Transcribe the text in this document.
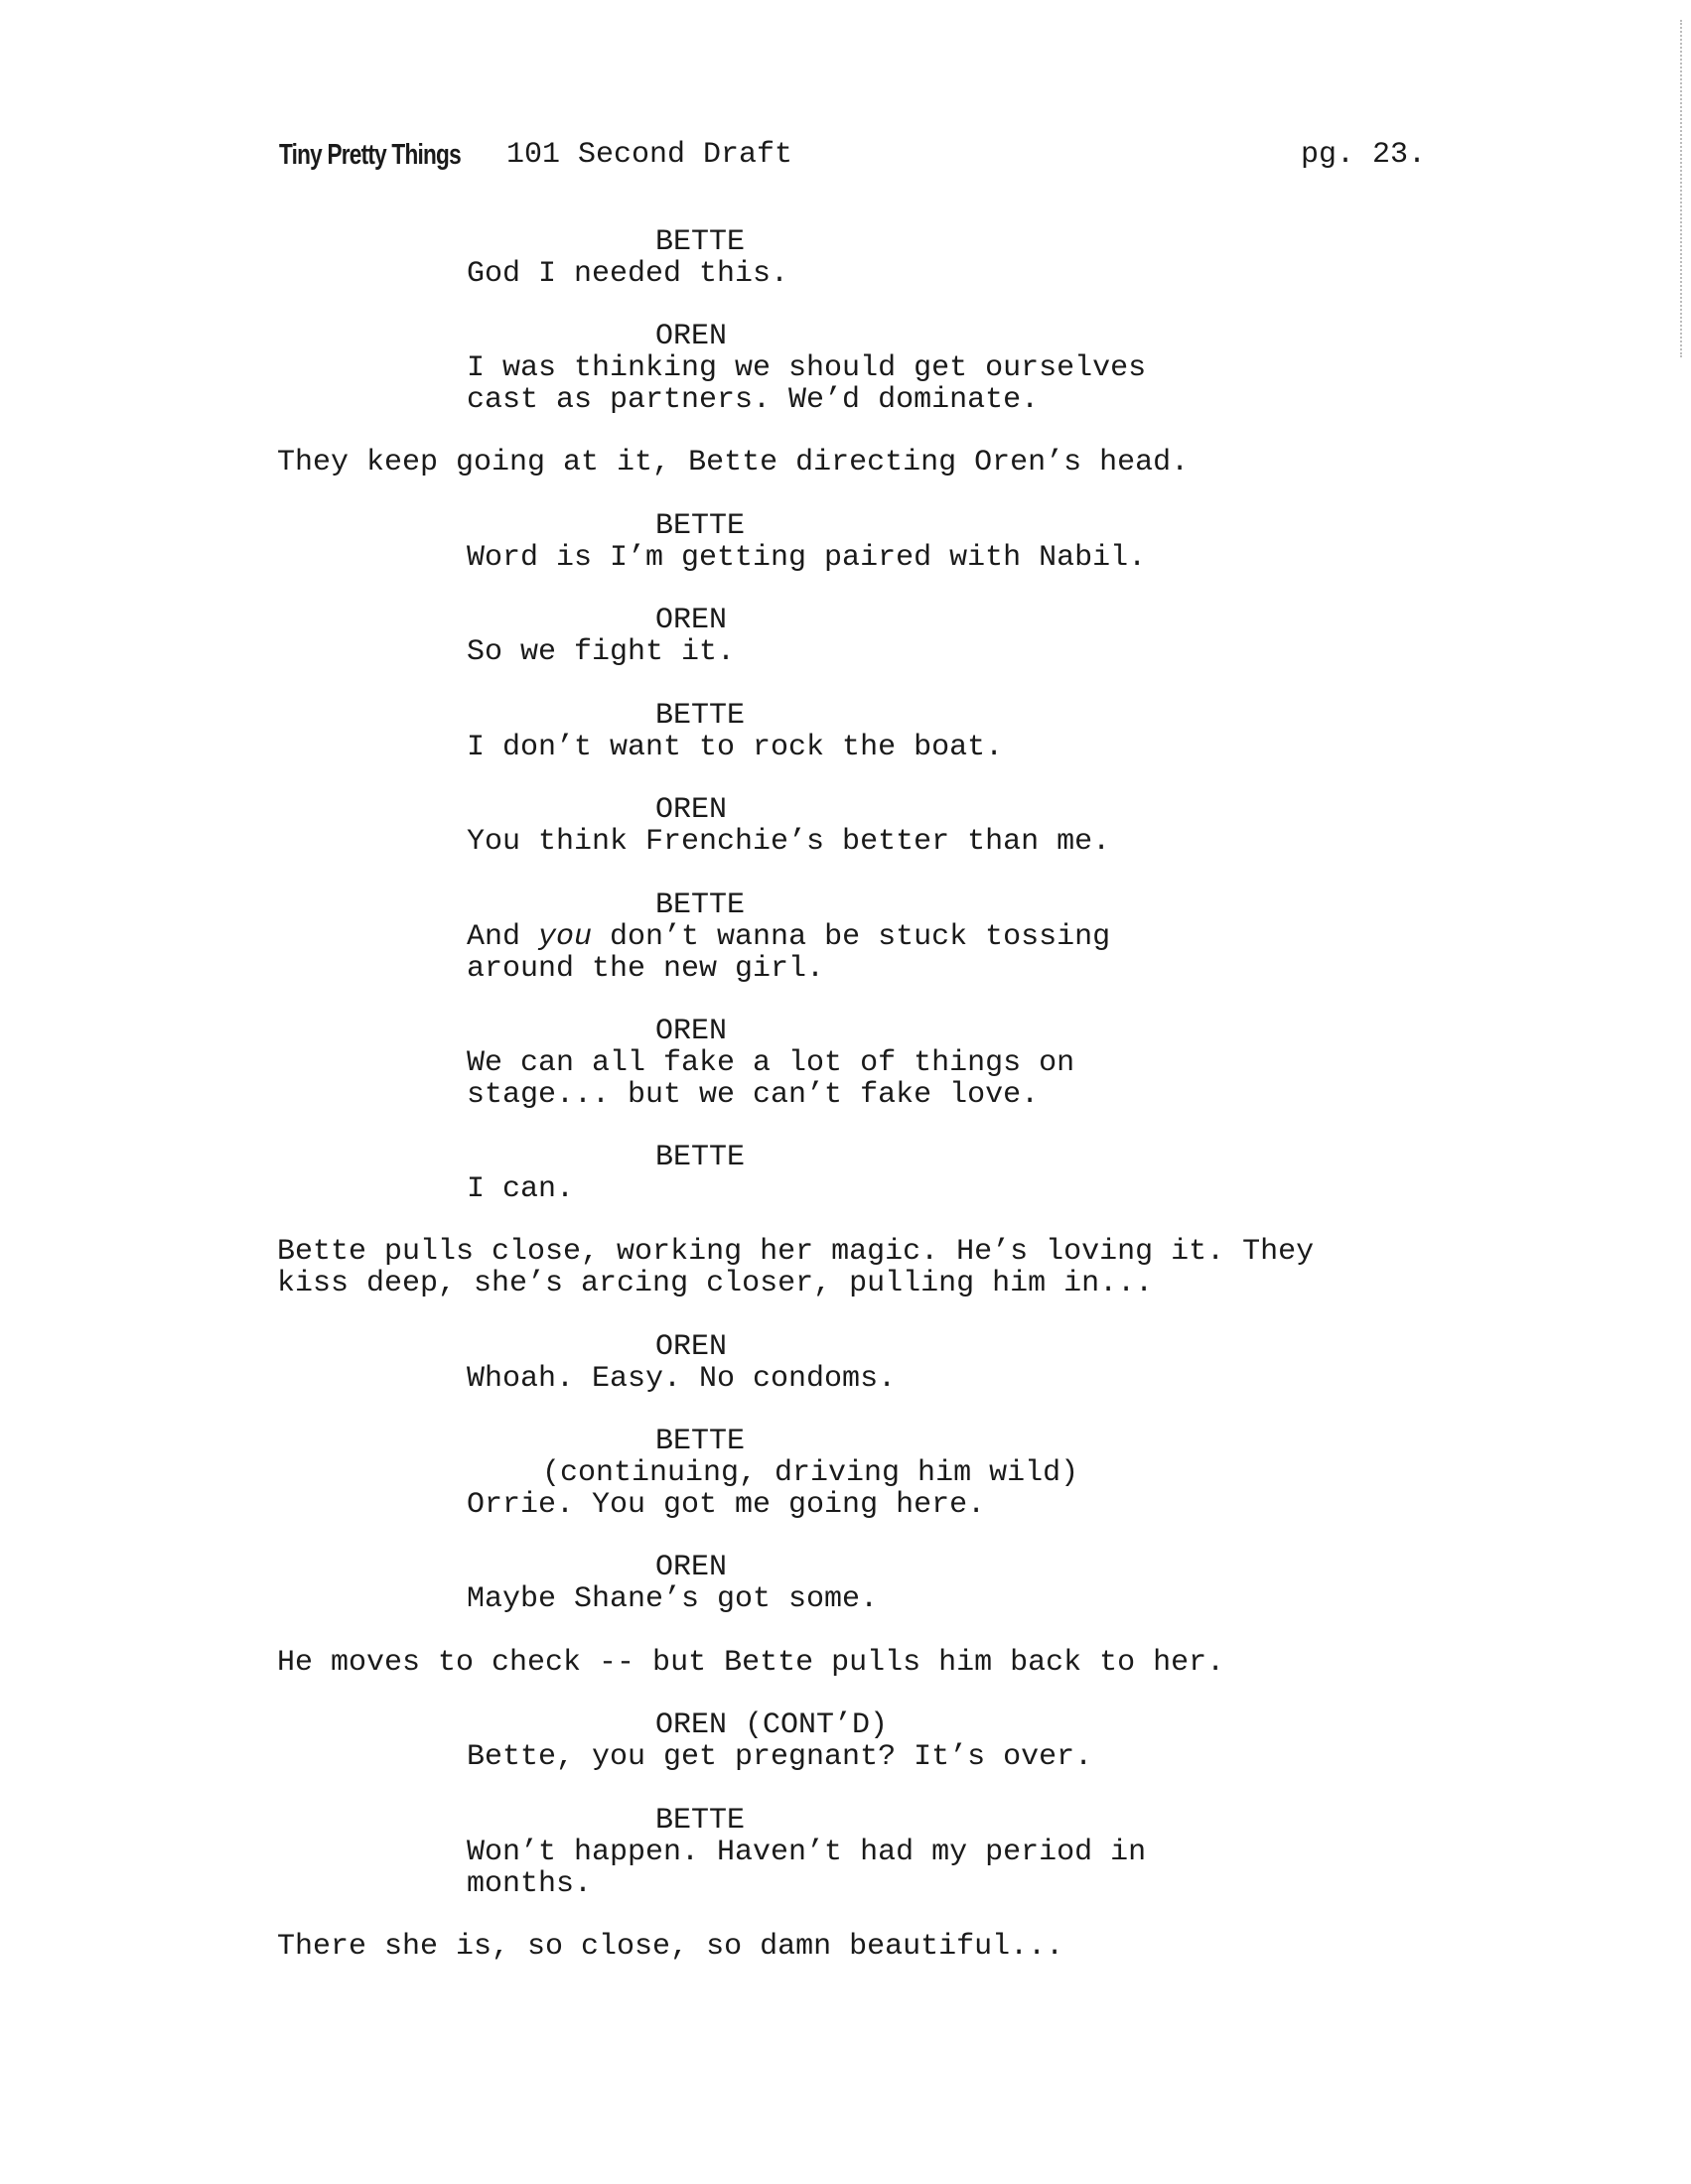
Tiny Pretty Things 101 Second Draft	pg. 23.
BETTE
God I needed this.
OREN
I was thinking we should get ourselves
cast as partners. We’d dominate.
They keep going at it, Bette directing Oren’s head.
BETTE
Word is I’m getting paired with Nabil.
OREN
So we fight it.
BETTE
I don’t want to rock the boat.
OREN
You think Frenchie’s better than me.
BETTE
And you don’t wanna be stuck tossing
around the new girl.
OREN
We can all fake a lot of things on
stage... but we can’t fake love.
BETTE
I can.
Bette pulls close, working her magic. He’s loving it. They
kiss deep, she’s arcing closer, pulling him in...
OREN
Whoah. Easy. No condoms.
BETTE
(continuing, driving him wild)
Orrie. You got me going here.
OREN
Maybe Shane’s got some.
He moves to check -- but Bette pulls him back to her.
OREN (CONT’D)
Bette, you get pregnant? It’s over.
BETTE
Won’t happen. Haven’t had my period in
months.
There she is, so close, so damn beautiful...
